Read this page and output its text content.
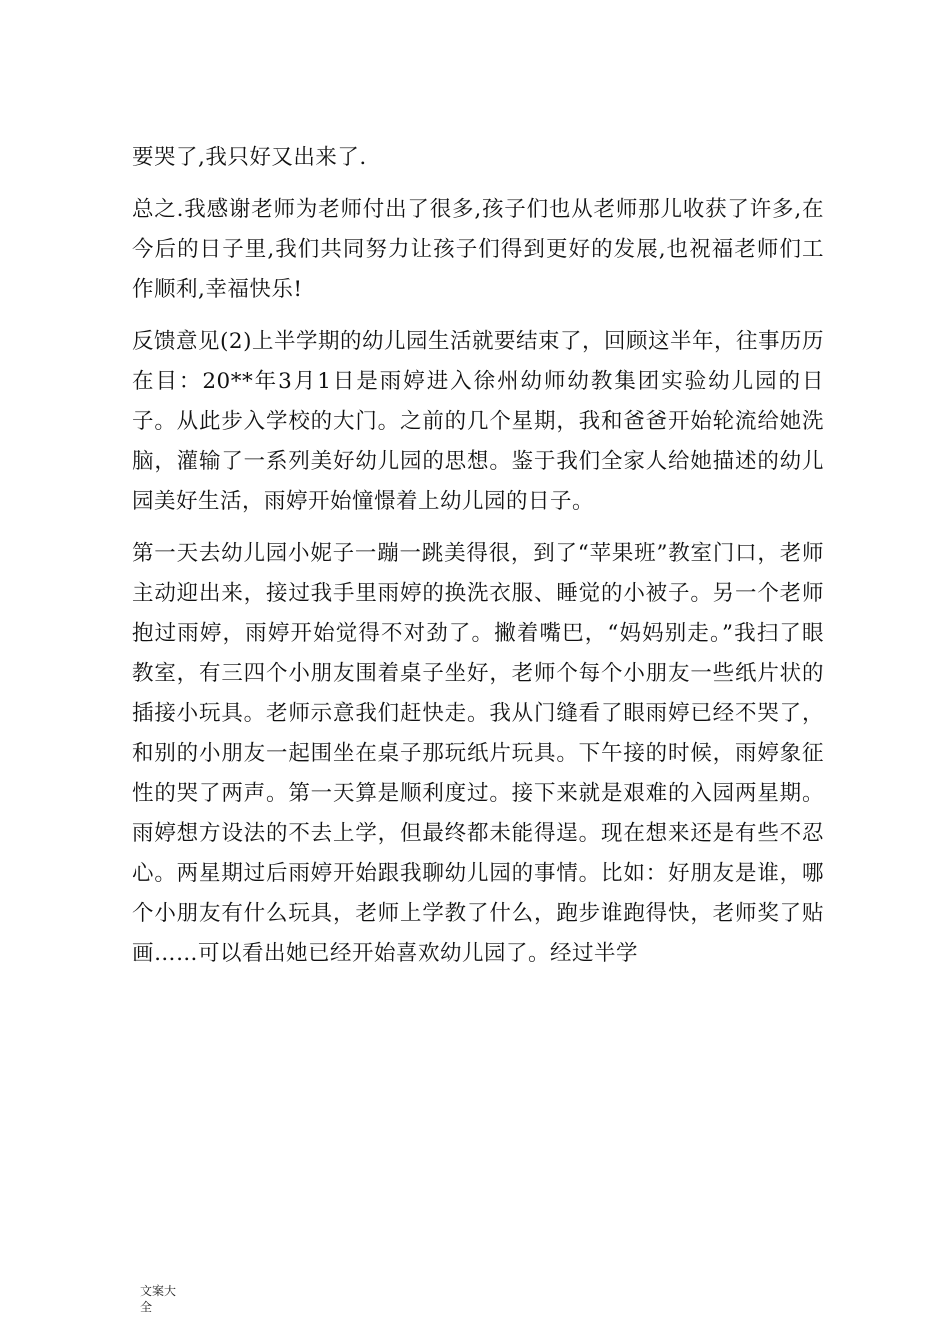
要哭了,我只好又出来了.

总之.我感谢老师为老师付出了很多,孩子们也从老师那儿收获了许多,在今后的日子里,我们共同努力让孩子们得到更好的发展,也祝福老师们工作顺利,幸福快乐!

反馈意见(2)上半学期的幼儿园生活就要结束了，回顾这半年，往事历历在目：20**年3月1日是雨婷进入徐州幼师幼教集团实验幼儿园的日子。从此步入学校的大门。之前的几个星期，我和爸爸开始轮流给她洗脑，灌输了一系列美好幼儿园的思想。鉴于我们全家人给她描述的幼儿园美好生活，雨婷开始憧憬着上幼儿园的日子。

第一天去幼儿园小妮子一蹦一跳美得很，到了“苹果班”教室门口，老师主动迎出来，接过我手里雨婷的换洗衣服、睡觉的小被子。另一个老师抱过雨婷，雨婷开始觉得不对劲了。撇着嘴巴，“妈妈别走。”我扫了眼教室，有三四个小朋友围着桌子坐好，老师个每个小朋友一些纸片状的插接小玩具。老师示意我们赶快走。我从门缝看了眼雨婷已经不哭了，和别的小朋友一起围坐在桌子那玩纸片玩具。下午接的时候，雨婷象征性的哭了两声。第一天算是顺利度过。接下来就是艰难的入园两星期。雨婷想方设法的不去上学，但最终都未能得逞。现在想来还是有些不忍心。两星期过后雨婷开始跟我聊幼儿园的事情。比如：好朋友是谁，哪个小朋友有什么玩具，老师上学教了什么，跑步谁跑得快，老师奖了贴画……可以看出她已经开始喜欢幼儿园了。经过半学

文案大全
